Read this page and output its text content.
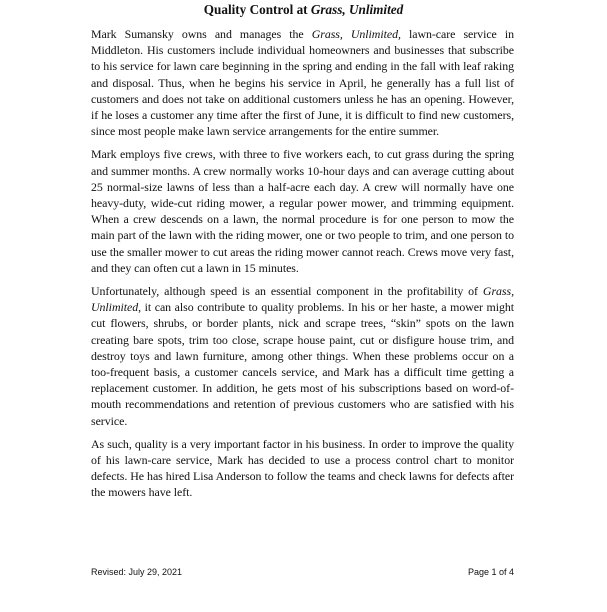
Quality Control at Grass, Unlimited

Mark Sumansky owns and manages the Grass, Unlimited, lawn-care service in Middleton. His customers include individual homeowners and businesses that subscribe to his service for lawn care beginning in the spring and ending in the fall with leaf raking and disposal. Thus, when he begins his service in April, he generally has a full list of customers and does not take on additional customers unless he has an opening. However, if he loses a customer any time after the first of June, it is difficult to find new customers, since most people make lawn service arrangements for the entire summer.

Mark employs five crews, with three to five workers each, to cut grass during the spring and summer months. A crew normally works 10-hour days and can average cutting about 25 normal-size lawns of less than a half-acre each day. A crew will normally have one heavy-duty, wide-cut riding mower, a regular power mower, and trimming equipment. When a crew descends on a lawn, the normal procedure is for one person to mow the main part of the lawn with the riding mower, one or two people to trim, and one person to use the smaller mower to cut areas the riding mower cannot reach. Crews move very fast, and they can often cut a lawn in 15 minutes.

Unfortunately, although speed is an essential component in the profitability of Grass, Unlimited, it can also contribute to quality problems. In his or her haste, a mower might cut flowers, shrubs, or border plants, nick and scrape trees, “skin” spots on the lawn creating bare spots, trim too close, scrape house paint, cut or disfigure house trim, and destroy toys and lawn furniture, among other things. When these problems occur on a too-frequent basis, a customer cancels service, and Mark has a difficult time getting a replacement customer. In addition, he gets most of his subscriptions based on word-of-mouth recommendations and retention of previous customers who are satisfied with his service.

As such, quality is a very important factor in his business. In order to improve the quality of his lawn-care service, Mark has decided to use a process control chart to monitor defects. He has hired Lisa Anderson to follow the teams and check lawns for defects after the mowers have left.

Revised: July 29, 2021	Page 1 of 4
